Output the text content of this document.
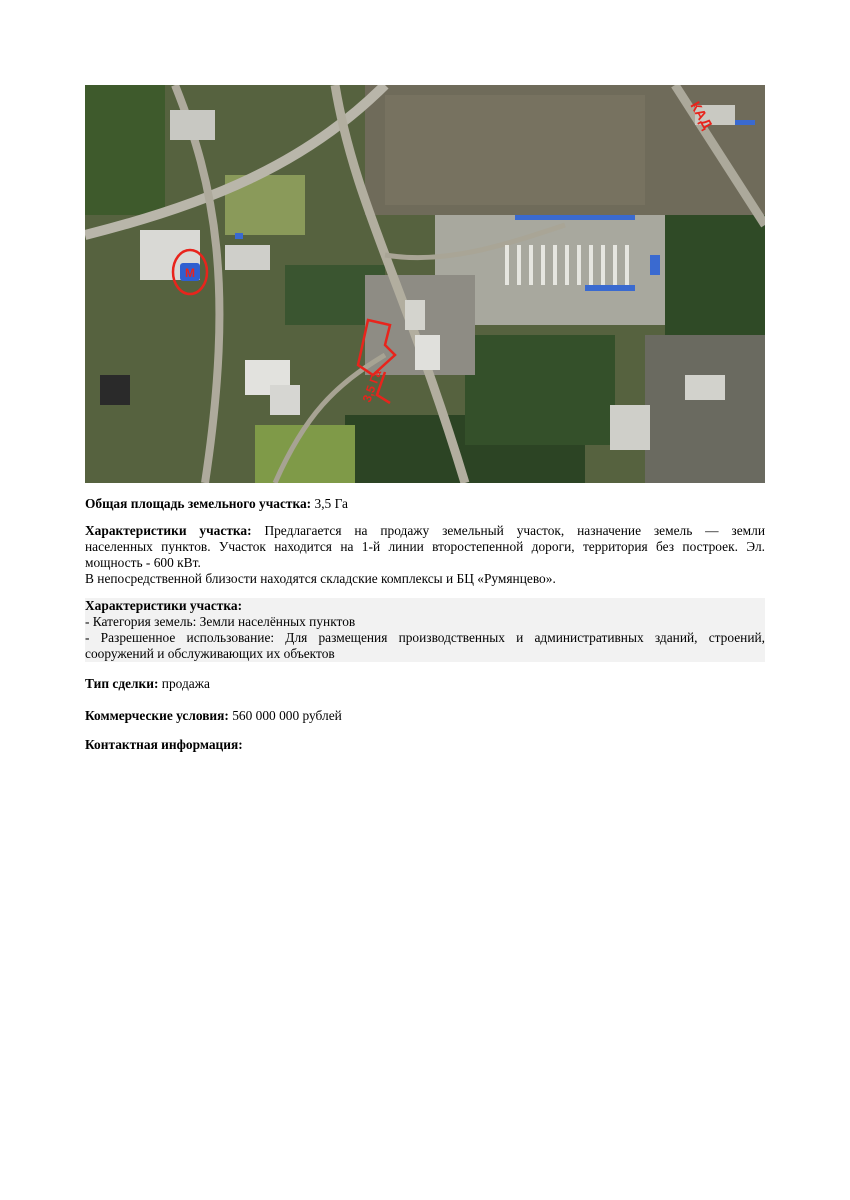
М
3,5 Га
КАД
Общая площадь земельного участка: 3,5 Га
Характеристики участка: Предлагается на продажу земельный участок, назначение земель — земли
населенных пунктов. Участок находится на 1-й линии второстепенной дороги, территория без построек. Эл.
мощность - 600 кВт.
В непосредственной близости находятся складские комплексы и БЦ «Румянцево».
Характеристики участка:
- Категория земель: Земли населённых пунктов
- Разрешенное использование: Для размещения производственных и административных зданий, строений,
сооружений и обслуживающих их объектов
Тип сделки: продажа
Коммерческие условия: 560 000 000 рублей
Контактная информация:
